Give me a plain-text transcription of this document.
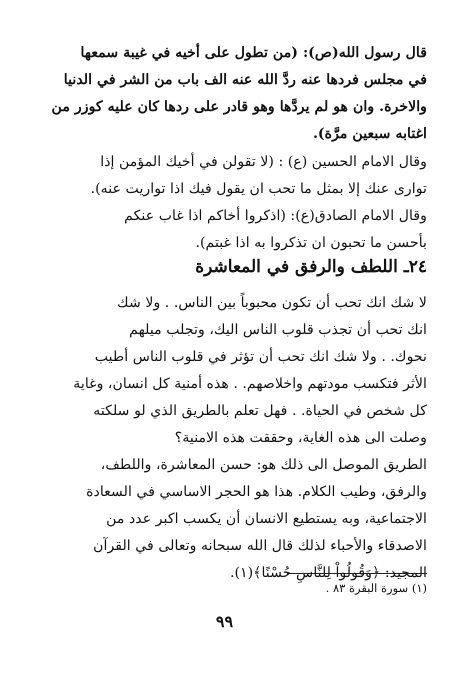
قال رسول الله(ص): (من تطول على أخيه في غيبة سمعها

في مجلس فردها عنه ردَّ الله عنه الف باب من الشر في الدنيا

والاخرة. وان هو لم يردَّها وهو قادر على ردها كان عليه كوزر من

اغتابه سبعين مرَّة).

وقال الامام الحسين (ع) : (لا تقولن في أخيك المؤمن إذا

توارى عنك إلا بمثل ما تحب ان يقول فيك اذا تواريت عنه).

وقال الامام الصادق(ع): (اذكروا أخاكم اذا غاب عنكم

بأحسن ما تحبون ان تذكروا به اذا غبتم).

٢٤ـ اللطف والرفق في المعاشرة

لا شك انك تحب أن تكون محبوباً بين الناس. . ولا شك

انك تحب أن تجذب قلوب الناس اليك، وتجلب ميلهم

نحوك. . ولا شك انك تحب أن تؤثر في قلوب الناس أطيب

الأثر فتكسب مودتهم واخلاصهم. . هذه أمنية كل انسان، وغاية

كل شخص في الحياة. . فهل تعلم بالطريق الذي لو سلكته

وصلت الى هذه الغاية، وحققت هذه الامنية؟

الطريق الموصل الى ذلك هو: حسن المعاشرة، واللطف،

والرفق، وطيب الكلام. هذا هو الحجر الاساسي في السعادة

الاجتماعية، وبه يستطيع الانسان أن يكسب اكبر عدد من

الاصدقاء والأحباء لذلك قال الله سبحانه وتعالى في القرآن

المجيد: ﴿وَقُولُواْ لِلنَّاسِ حُسْنًا﴾(١).

(١) سورة البقرة ٨٣ .
٩٩
